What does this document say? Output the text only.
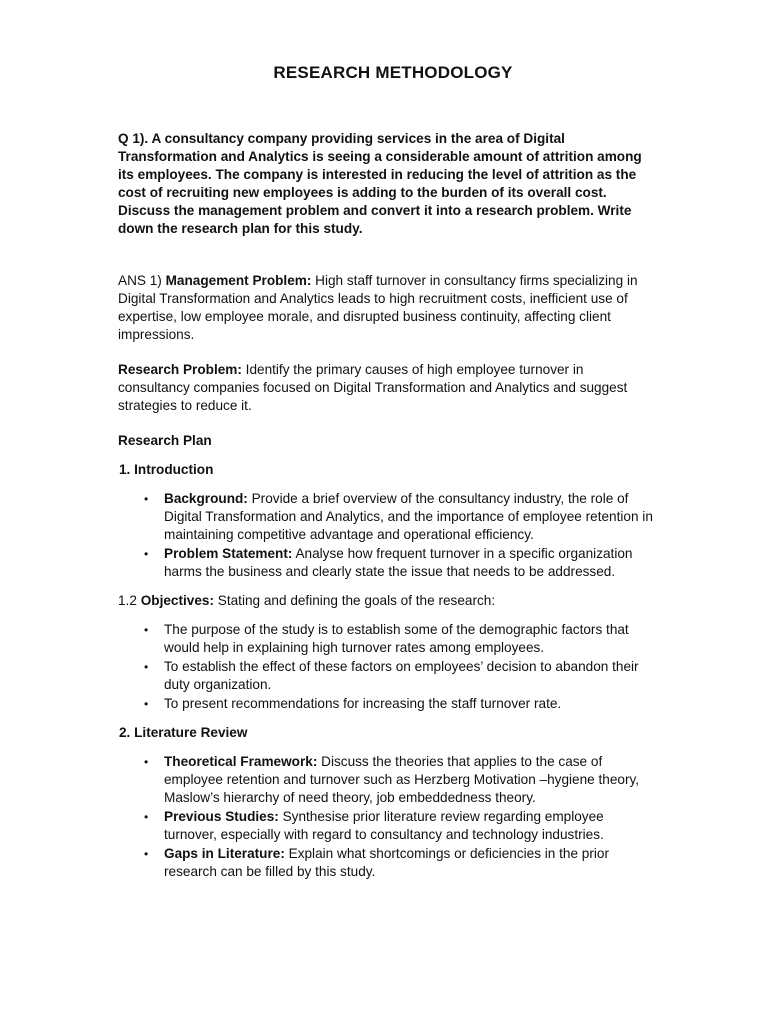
RESEARCH METHODOLOGY

Q 1). A consultancy company providing services in the area of Digital Transformation and Analytics is seeing a considerable amount of attrition among its employees. The company is interested in reducing the level of attrition as the cost of recruiting new employees is adding to the burden of its overall cost. Discuss the management problem and convert it into a research problem. Write down the research plan for this study.

ANS 1) Management Problem: High staff turnover in consultancy firms specializing in Digital Transformation and Analytics leads to high recruitment costs, inefficient use of expertise, low employee morale, and disrupted business continuity, affecting client impressions.

Research Problem: Identify the primary causes of high employee turnover in consultancy companies focused on Digital Transformation and Analytics and suggest strategies to reduce it.

Research Plan

1. Introduction

• Background: Provide a brief overview of the consultancy industry, the role of Digital Transformation and Analytics, and the importance of employee retention in maintaining competitive advantage and operational efficiency.
• Problem Statement: Analyse how frequent turnover in a specific organization harms the business and clearly state the issue that needs to be addressed.

1.2 Objectives: Stating and defining the goals of the research:

• The purpose of the study is to establish some of the demographic factors that would help in explaining high turnover rates among employees.
• To establish the effect of these factors on employees’ decision to abandon their duty organization.
• To present recommendations for increasing the staff turnover rate.

2. Literature Review

• Theoretical Framework: Discuss the theories that applies to the case of employee retention and turnover such as Herzberg Motivation –hygiene theory, Maslow’s hierarchy of need theory, job embeddedness theory.
• Previous Studies: Synthesise prior literature review regarding employee turnover, especially with regard to consultancy and technology industries.
• Gaps in Literature: Explain what shortcomings or deficiencies in the prior research can be filled by this study.
